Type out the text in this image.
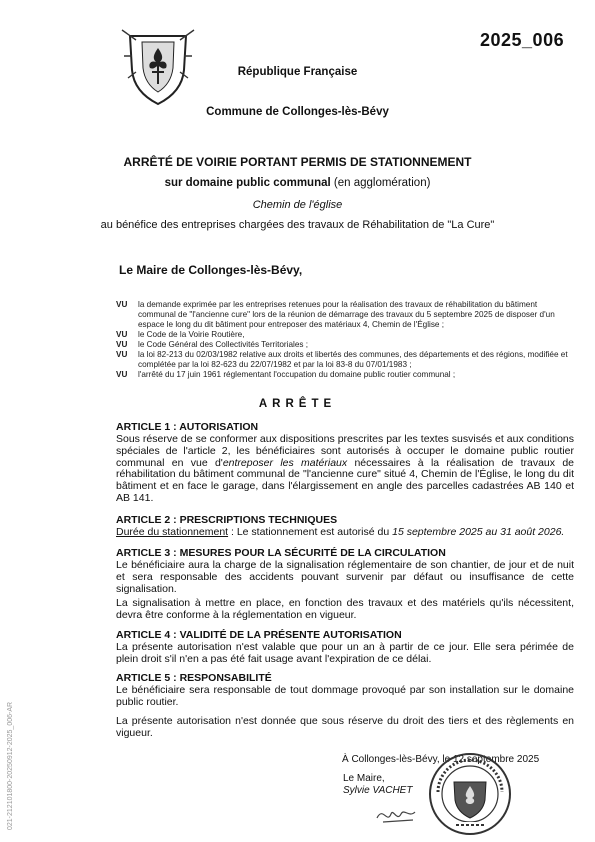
2025_006
République Française
Commune de Collonges-lès-Bévy
ARRÊTÉ DE VOIRIE PORTANT PERMIS DE STATIONNEMENT
sur domaine public communal (en agglomération)
Chemin de l'église
au bénéfice des entreprises chargées des travaux de Réhabilitation de "La Cure"
Le Maire de Collonges-lès-Bévy,
VU	la demande exprimée par les entreprises retenues pour la réalisation des travaux de réhabilitation du bâtiment communal de "l'ancienne cure" lors de la réunion de démarrage des travaux du 5 septembre 2025 de disposer d'un espace le long du dit bâtiment pour entreposer des matériaux 4, Chemin de l'Église ;
VU	le Code de la Voirie Routière,
VU	le Code Général des Collectivités Territoriales ;
VU	la loi 82-213 du 02/03/1982 relative aux droits et libertés des communes, des départements et des régions, modifiée et complétée par la loi 82-623 du 22/07/1982 et par la loi 83-8 du 07/01/1983 ;
VU	l'arrêté du 17 juin 1961 réglementant l'occupation du domaine public routier communal ;
ARRÊTE
ARTICLE 1 : AUTORISATION
Sous réserve de se conformer aux dispositions prescrites par les textes susvisés et aux conditions spéciales de l'article 2, les bénéficiaires sont autorisés à occuper le domaine public routier communal en vue d'entreposer les matériaux nécessaires à la réalisation de travaux de réhabilitation du bâtiment communal de "l'ancienne cure" situé 4, Chemin de l'Église, le long du dit bâtiment et en face le garage, dans l'élargissement en angle des parcelles cadastrées AB 140 et AB 141.
ARTICLE 2 : PRESCRIPTIONS TECHNIQUES
Durée du stationnement : Le stationnement est autorisé du 15 septembre 2025 au 31 août 2026.
ARTICLE 3 : MESURES POUR LA SÉCURITÉ DE LA CIRCULATION
Le bénéficiaire aura la charge de la signalisation réglementaire de son chantier, de jour et de nuit et sera responsable des accidents pouvant survenir par défaut ou insuffisance de cette signalisation.
La signalisation à mettre en place, en fonction des travaux et des matériels qu'ils nécessitent, devra être conforme à la réglementation en vigueur.
ARTICLE 4 : VALIDITÉ DE LA PRÉSENTE AUTORISATION
La présente autorisation n'est valable que pour un an à partir de ce jour. Elle sera périmée de plein droit s'il n'en a pas été fait usage avant l'expiration de ce délai.
ARTICLE 5 : RESPONSABILITÉ
Le bénéficiaire sera responsable de tout dommage provoqué par son installation sur le domaine public routier.
La présente autorisation n'est donnée que sous réserve du droit des tiers et des règlements en vigueur.
À Collonges-lès-Bévy, le 12 septembre 2025
Le Maire,
Sylvie VACHET
021-212101800-20250912-2025_006-AR
